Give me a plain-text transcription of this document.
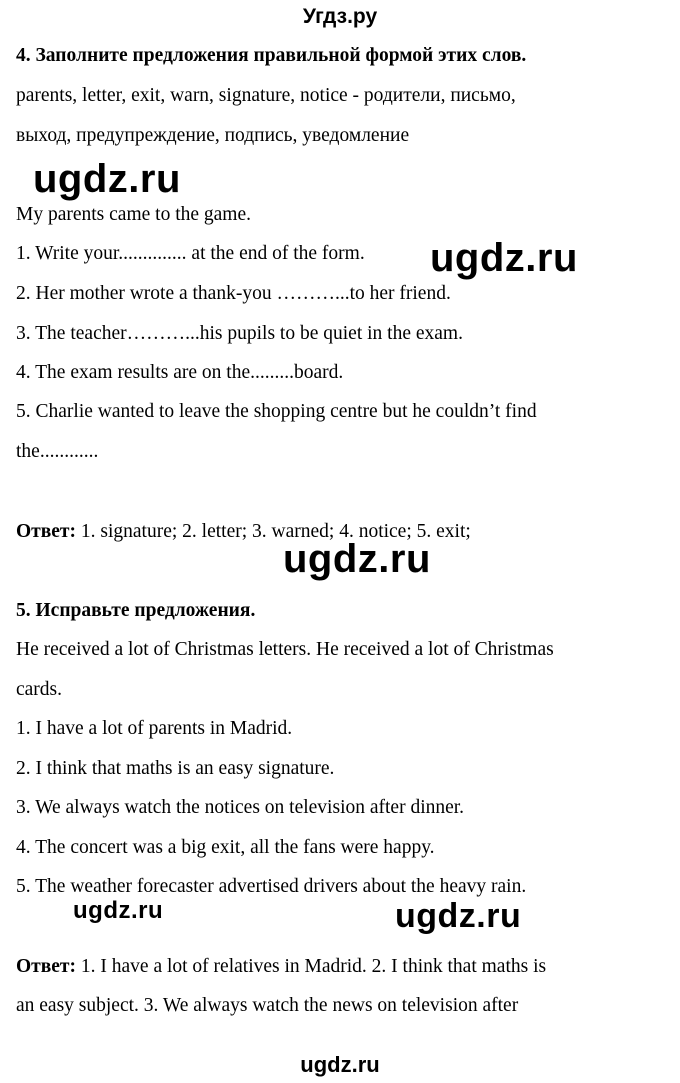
Угдз.ру
4. Заполните предложения правильной формой этих слов.
parents, letter, exit, warn, signature, notice - родители, письмо,
выход, предупреждение, подпись, уведомление
ugdz.ru
My parents came to the game.
1. Write your.............. at the end of the form. ugdz.ru
2. Her mother wrote a thank-you ………...to her friend.
3. The teacher………...his pupils to be quiet in the exam.
4. The exam results are on the.........board.
5. Charlie wanted to leave the shopping centre but he couldn’t find
the............
Ответ: 1. signature; 2. letter; 3. warned; 4. notice; 5. exit;
ugdz.ru
5. Исправьте предложения.
He received a lot of Christmas letters. He received a lot of Christmas
cards.
1. I have a lot of parents in Madrid.
2. I think that maths is an easy signature.
3. We always watch the notices on television after dinner.
4. The concert was a big exit, all the fans were happy.
5. The weather forecaster advertised drivers about the heavy rain.
ugdz.ru	ugdz.ru
Ответ: 1. I have a lot of relatives in Madrid. 2. I think that maths is
an easy subject. 3. We always watch the news on television after
ugdz.ru
